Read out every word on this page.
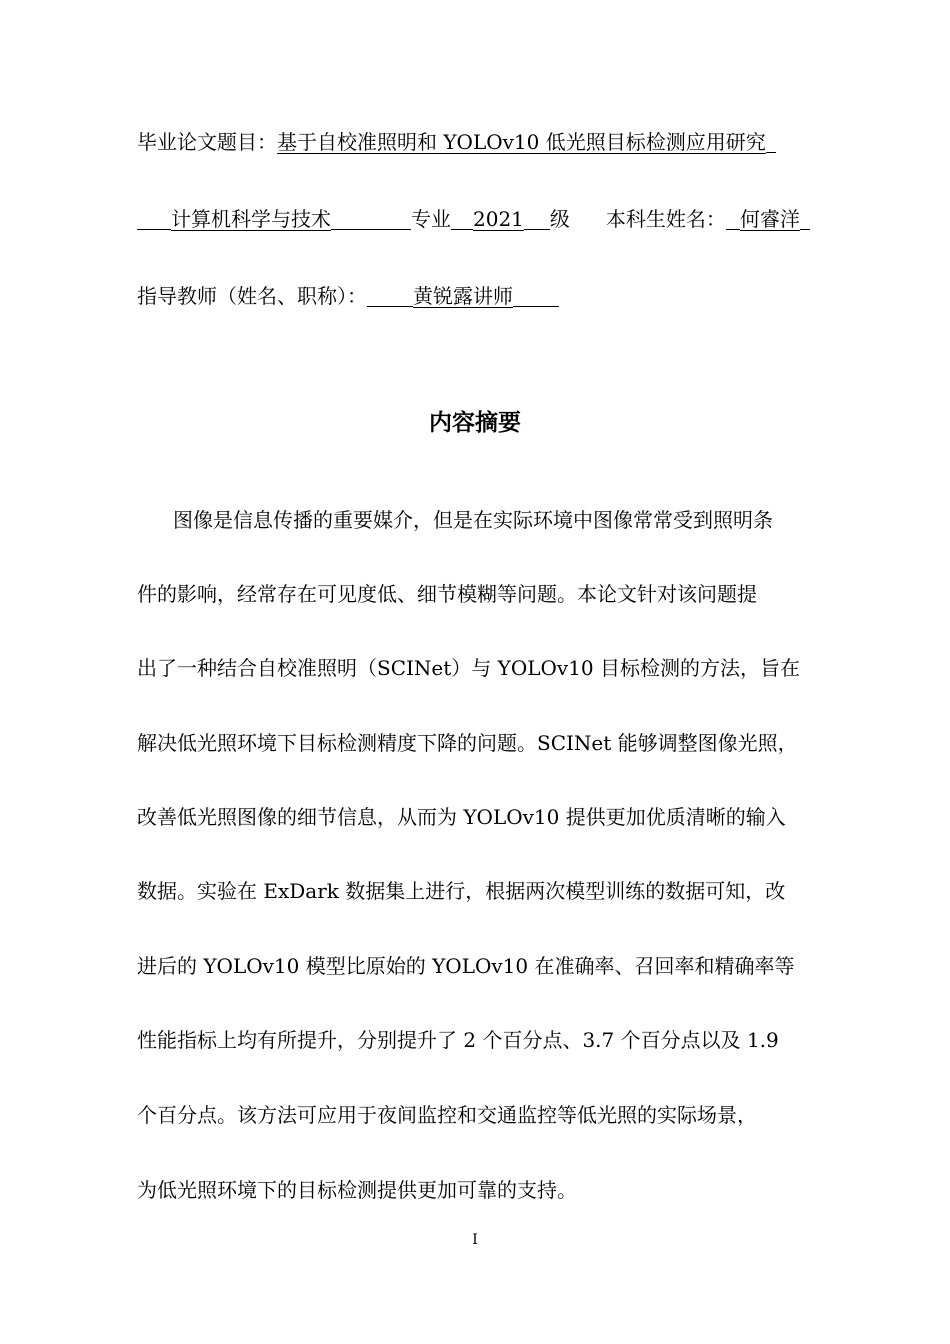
毕业论文题目：基于自校准照明和 YOLOv10 低光照目标检测应用研究
计算机科学与技术	专业 2021 级 本科生姓名： 何睿洋
指导教师（姓名、职称）： 黄锐露讲师
内容摘要
图像是信息传播的重要媒介，但是在实际环境中图像常常受到照明条
件的影响，经常存在可见度低、细节模糊等问题。本论文针对该问题提
出了一种结合自校准照明（SCINet）与 YOLOv10 目标检测的方法，旨在
解决低光照环境下目标检测精度下降的问题。SCINet 能够调整图像光照，
改善低光照图像的细节信息，从而为 YOLOv10 提供更加优质清晰的输入
数据。实验在 ExDark 数据集上进行，根据两次模型训练的数据可知，改
进后的 YOLOv10 模型比原始的 YOLOv10 在准确率、召回率和精确率等
性能指标上均有所提升，分别提升了 2 个百分点、3.7 个百分点以及 1.9
个百分点。该方法可应用于夜间监控和交通监控等低光照的实际场景，
为低光照环境下的目标检测提供更加可靠的支持。
I
